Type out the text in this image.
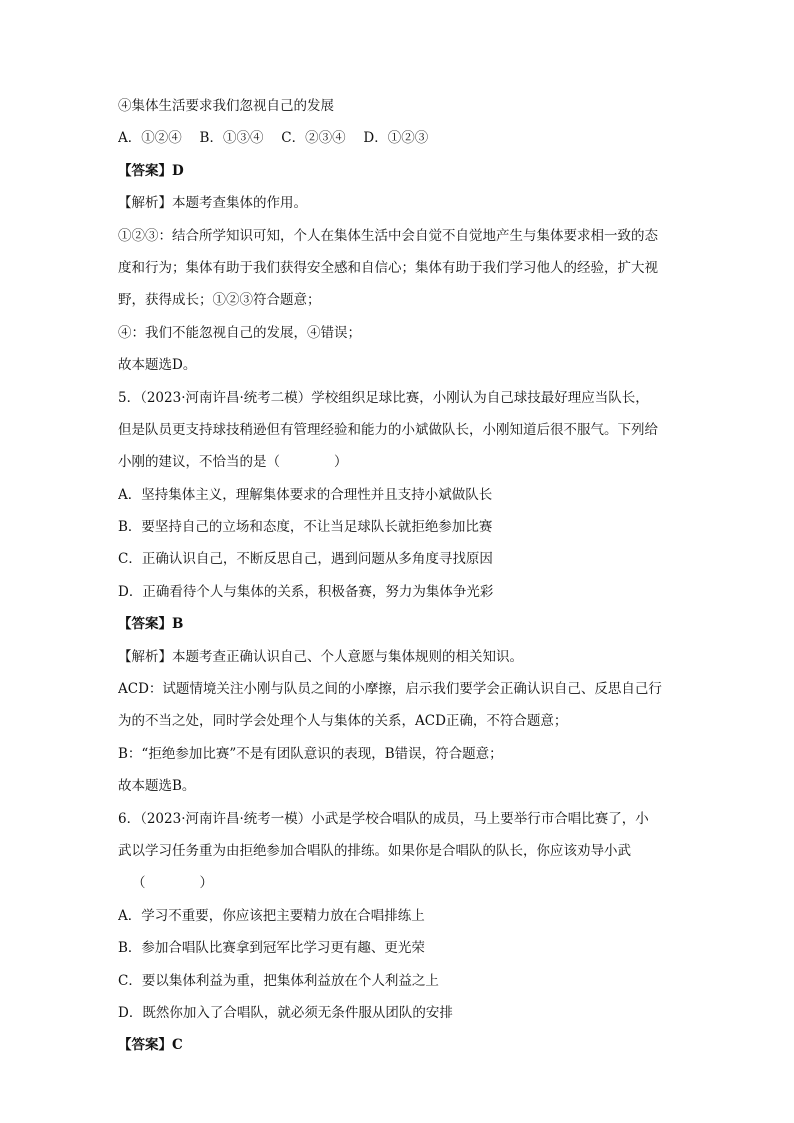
④集体生活要求我们忽视自己的发展
A．①②④　 B．①③④　 C．②③④　 D．①②③
【答案】D
【解析】本题考查集体的作用。
①②③：结合所学知识可知，个人在集体生活中会自觉不自觉地产生与集体要求相一致的态
度和行为；集体有助于我们获得安全感和自信心；集体有助于我们学习他人的经验，扩大视
野，获得成长；①②③符合题意；
④：我们不能忽视自己的发展，④错误；
故本题选D。
5．（2023·河南许昌·统考二模）学校组织足球比赛，小刚认为自己球技最好理应当队长，
但是队员更支持球技稍逊但有管理经验和能力的小斌做队长，小刚知道后很不服气。下列给
小刚的建议，不恰当的是（　　　　）
A．坚持集体主义，理解集体要求的合理性并且支持小斌做队长
B．要坚持自己的立场和态度，不让当足球队长就拒绝参加比赛
C．正确认识自己，不断反思自己，遇到问题从多角度寻找原因
D．正确看待个人与集体的关系，积极备赛，努力为集体争光彩
【答案】B
【解析】本题考查正确认识自己、个人意愿与集体规则的相关知识。
ACD：试题情境关注小刚与队员之间的小摩擦，启示我们要学会正确认识自己、反思自己行
为的不当之处，同时学会处理个人与集体的关系，ACD正确，不符合题意；
B：“拒绝参加比赛”不是有团队意识的表现，B错误，符合题意；
故本题选B。
6．（2023·河南许昌·统考一模）小武是学校合唱队的成员，马上要举行市合唱比赛了，小
武以学习任务重为由拒绝参加合唱队的排练。如果你是合唱队的队长，你应该劝导小武
（　　　　）
A．学习不重要，你应该把主要精力放在合唱排练上
B．参加合唱队比赛拿到冠军比学习更有趣、更光荣
C．要以集体利益为重，把集体利益放在个人利益之上
D．既然你加入了合唱队，就必须无条件服从团队的安排
【答案】C
